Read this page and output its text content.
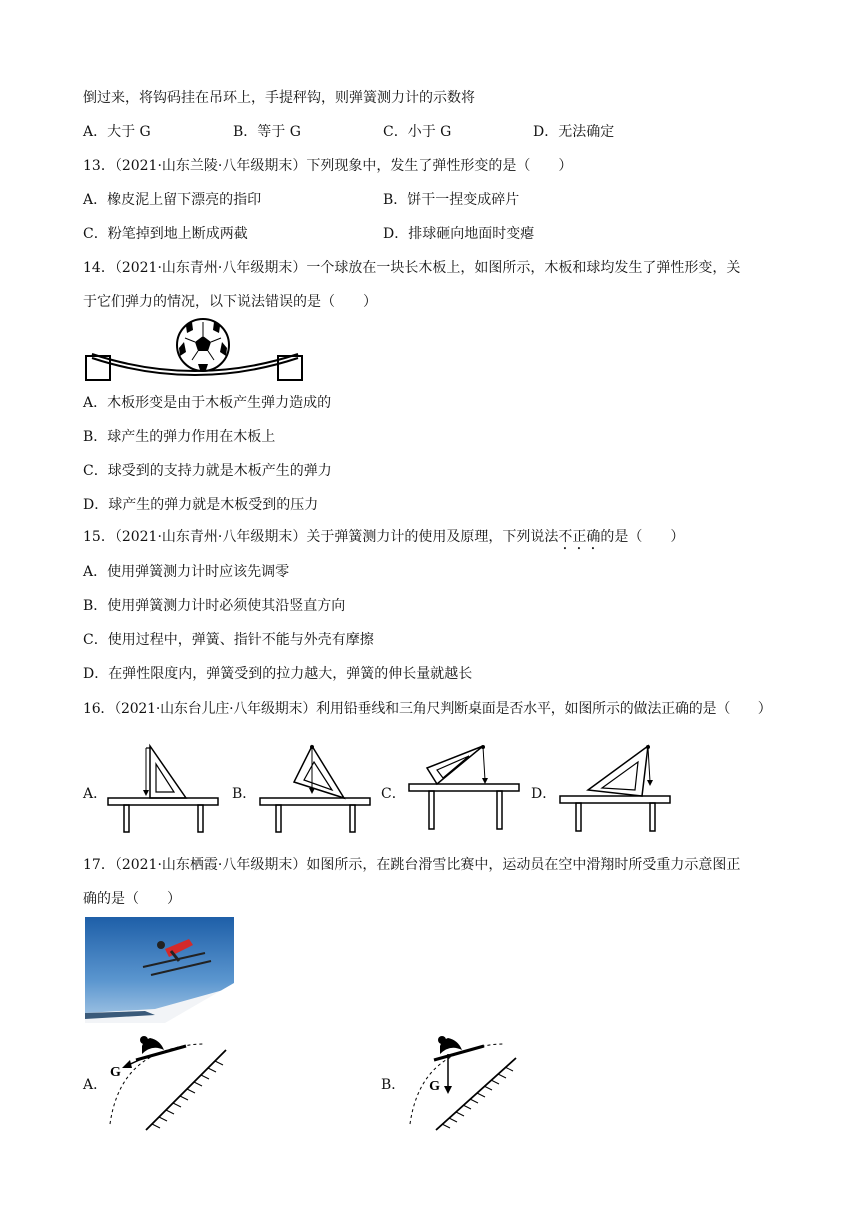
倒过来，将钩码挂在吊环上，手提秤钩，则弹簧测力计的示数将
A．大于 G	B．等于 G	C．小于 G	D．无法确定
13．（2021·山东兰陵·八年级期末）下列现象中，发生了弹性形变的是（　　）
A．橡皮泥上留下漂亮的指印	B．饼干一捏变成碎片
C．粉笔掉到地上断成两截	D．排球砸向地面时变瘪
14．（2021·山东青州·八年级期末）一个球放在一块长木板上，如图所示，木板和球均发生了弹性形变，关
于它们弹力的情况，以下说法错误的是（　　）
A．木板形变是由于木板产生弹力造成的
B．球产生的弹力作用在木板上
C．球受到的支持力就是木板产生的弹力
D．球产生的弹力就是木板受到的压力
15．（2021·山东青州·八年级期末）关于弹簧测力计的使用及原理，下列说法不正确的是（　　）
A．使用弹簧测力计时应该先调零
B．使用弹簧测力计时必须使其沿竖直方向
C．使用过程中，弹簧、指针不能与外壳有摩擦
D．在弹性限度内，弹簧受到的拉力越大，弹簧的伸长量就越长
16．（2021·山东台儿庄·八年级期末）利用铅垂线和三角尺判断桌面是否水平，如图所示的做法正确的是（　　）
A．	B．	C．	D．
17．（2021·山东栖霞·八年级期末）如图所示，在跳台滑雪比赛中，运动员在空中滑翔时所受重力示意图正
确的是（　　）
A．
G
B． G
